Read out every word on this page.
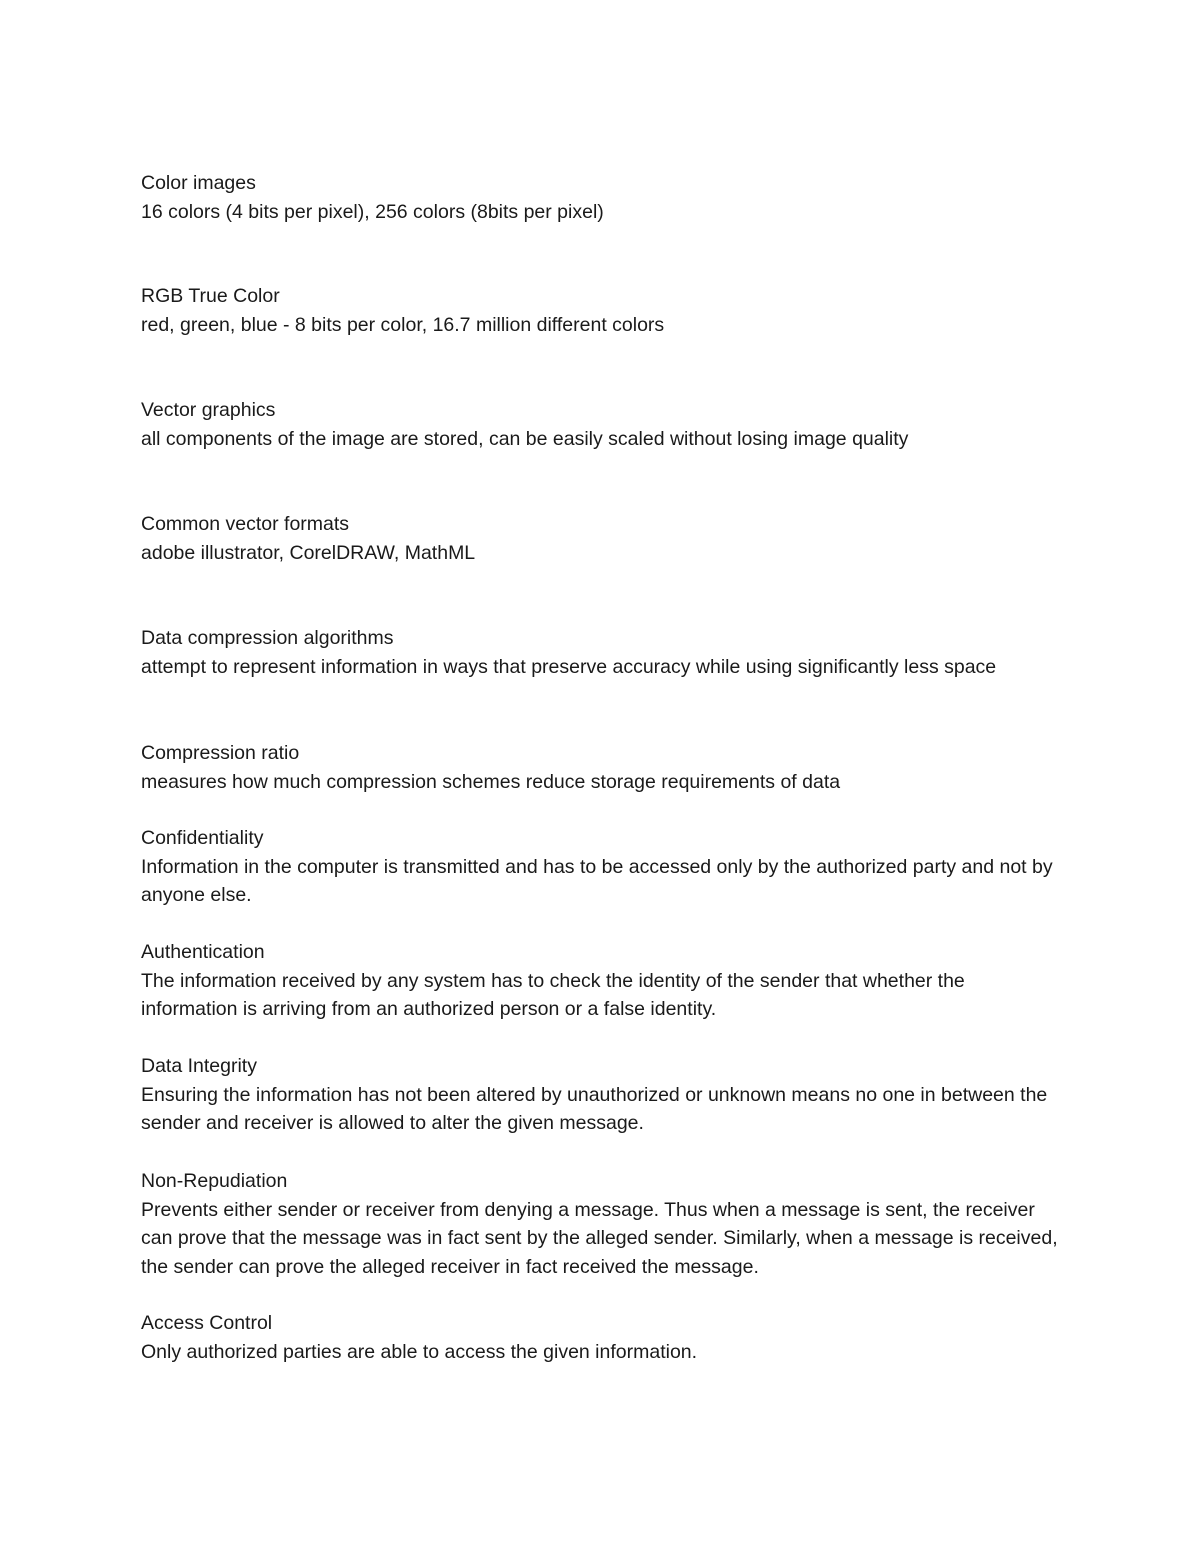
Color images
16 colors (4 bits per pixel), 256 colors (8bits per pixel)
RGB True Color
red, green, blue - 8 bits per color, 16.7 million different colors
Vector graphics
all components of the image are stored, can be easily scaled without losing image quality
Common vector formats
adobe illustrator, CorelDRAW, MathML
Data compression algorithms
attempt to represent information in ways that preserve accuracy while using significantly less space
Compression ratio
measures how much compression schemes reduce storage requirements of data
Confidentiality
Information in the computer is transmitted and has to be accessed only by the authorized party and not by anyone else.
Authentication
The information received by any system has to check the identity of the sender that whether the information is arriving from an authorized person or a false identity.
Data Integrity
Ensuring the information has not been altered by unauthorized or unknown means no one in between the sender and receiver is allowed to alter the given message.
Non-Repudiation
Prevents either sender or receiver from denying a message. Thus when a message is sent, the receiver can prove that the message was in fact sent by the alleged sender. Similarly, when a message is received, the sender can prove the alleged receiver in fact received the message.
Access Control
Only authorized parties are able to access the given information.
